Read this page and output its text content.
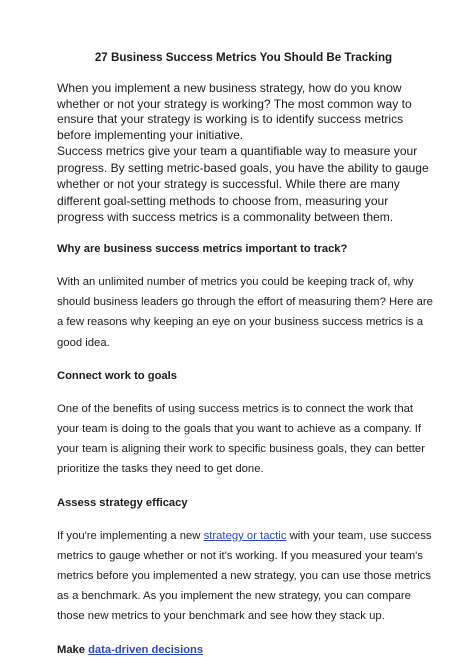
27 Business Success Metrics You Should Be Tracking

When you implement a new business strategy, how do you know whether or not your strategy is working? The most common way to ensure that your strategy is working is to identify success metrics before implementing your initiative.

Success metrics give your team a quantifiable way to measure your progress. By setting metric-based goals, you have the ability to gauge whether or not your strategy is successful. While there are many different goal-setting methods to choose from, measuring your progress with success metrics is a commonality between them.

Why are business success metrics important to track?

With an unlimited number of metrics you could be keeping track of, why should business leaders go through the effort of measuring them? Here are a few reasons why keeping an eye on your business success metrics is a good idea.

Connect work to goals

One of the benefits of using success metrics is to connect the work that your team is doing to the goals that you want to achieve as a company. If your team is aligning their work to specific business goals, they can better prioritize the tasks they need to get done.

Assess strategy efficacy

If you're implementing a new strategy or tactic with your team, use success metrics to gauge whether or not it's working. If you measured your team's metrics before you implemented a new strategy, you can use those metrics as a benchmark. As you implement the new strategy, you can compare those new metrics to your benchmark and see how they stack up.

Make data-driven decisions
